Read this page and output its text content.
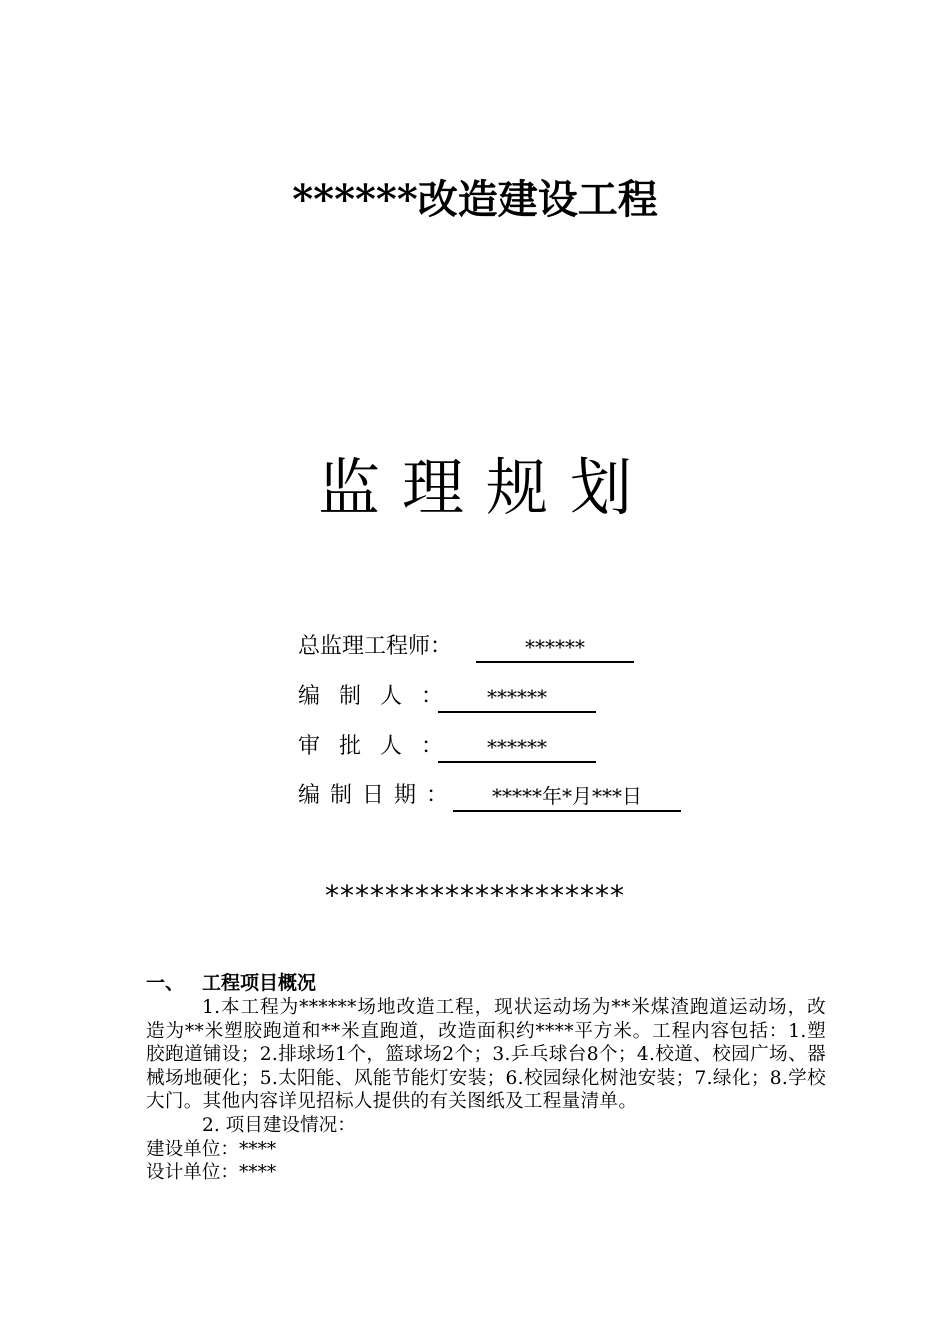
******改造建设工程
监理规划
总监理工程师：	******
编制人： ******
审批人： ******
编制日期： *****年*月***日
********************
一、 工程项目概况
1.本工程为******场地改造工程，现状运动场为**米煤渣跑道运动场，改造为**米塑胶跑道和**米直跑道，改造面积约****平方米。工程内容包括：1.塑胶跑道铺设；2.排球场1个，篮球场2个；3.乒乓球台8个；4.校道、校园广场、器械场地硬化；5.太阳能、风能节能灯安装；6.校园绿化树池安装；7.绿化；8.学校大门。其他内容详见招标人提供的有关图纸及工程量清单。
2. 项目建设情况：
建设单位：****
设计单位：****
